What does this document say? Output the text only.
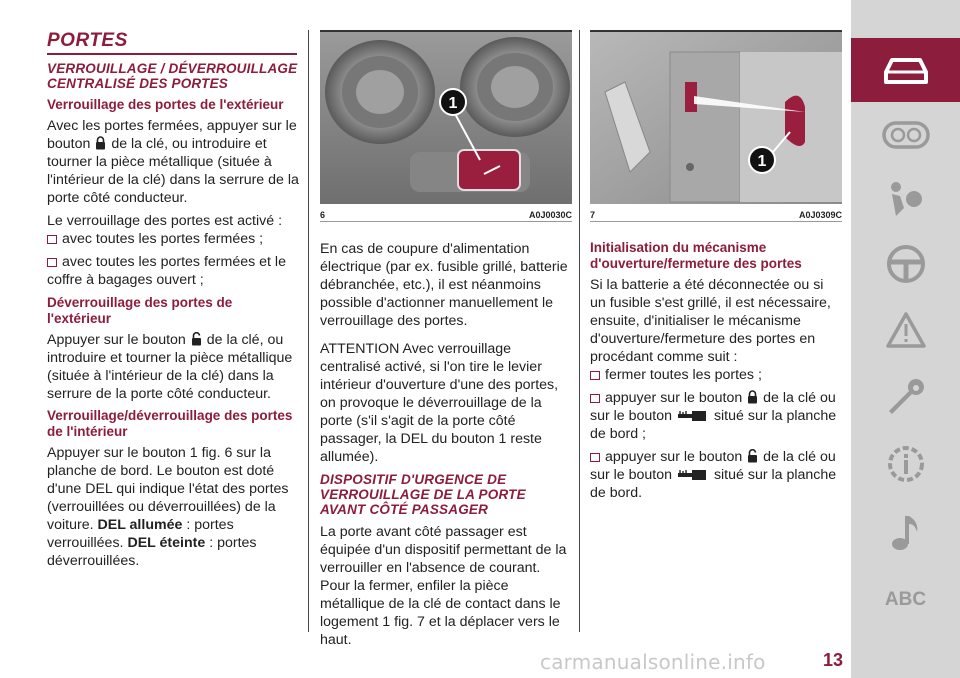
PORTES
VERROUILLAGE / DÉVERROUILLAGE CENTRALISÉ DES PORTES
Verrouillage des portes de l'extérieur

Avec les portes fermées, appuyer sur le bouton de la clé, ou introduire et tourner la pièce métallique (située à l'intérieur de la clé) dans la serrure de la porte côté conducteur.

Le verrouillage des portes est activé :

avec toutes les portes fermées ;

avec toutes les portes fermées et le coffre à bagages ouvert ;

Déverrouillage des portes de l'extérieur

Appuyer sur le bouton de la clé, ou introduire et tourner la pièce métallique (située à l'intérieur de la clé) dans la serrure de la porte côté conducteur.

Verrouillage/déverrouillage des portes de l'intérieur

Appuyer sur le bouton 1 fig. 6 sur la planche de bord. Le bouton est doté d'une DEL qui indique l'état des portes (verrouillées ou déverrouillées) de la voiture. DEL allumée : portes verrouillées. DEL éteinte : portes déverrouillées.

1
6	A0J0030C
1
7	A0J0309C

En cas de coupure d'alimentation électrique (par ex. fusible grillé, batterie débranchée, etc.), il est néanmoins possible d'actionner manuellement le verrouillage des portes.

ATTENTION Avec verrouillage centralisé activé, si l'on tire le levier intérieur d'ouverture d'une des portes, on provoque le déverrouillage de la porte (s'il s'agit de la porte côté passager, la DEL du bouton 1 reste allumée).

DISPOSITIF D'URGENCE DE VERROUILLAGE DE LA PORTE AVANT CÔTÉ PASSAGER

La porte avant côté passager est équipée d'un dispositif permettant de la verrouiller en l'absence de courant. Pour la fermer, enfiler la pièce métallique de la clé de contact dans le logement 1 fig. 7 et la déplacer vers le haut.

Initialisation du mécanisme d'ouverture/fermeture des portes

Si la batterie a été déconnectée ou si un fusible s'est grillé, il est nécessaire, ensuite, d'initialiser le mécanisme d'ouverture/fermeture des portes en procédant comme suit :

fermer toutes les portes ;

appuyer sur le bouton de la clé ou sur le bouton	situé sur la planche de bord ;

appuyer sur le bouton de la clé ou sur le bouton	situé sur la planche de bord.

ABC
carmanualsonline.info	13
